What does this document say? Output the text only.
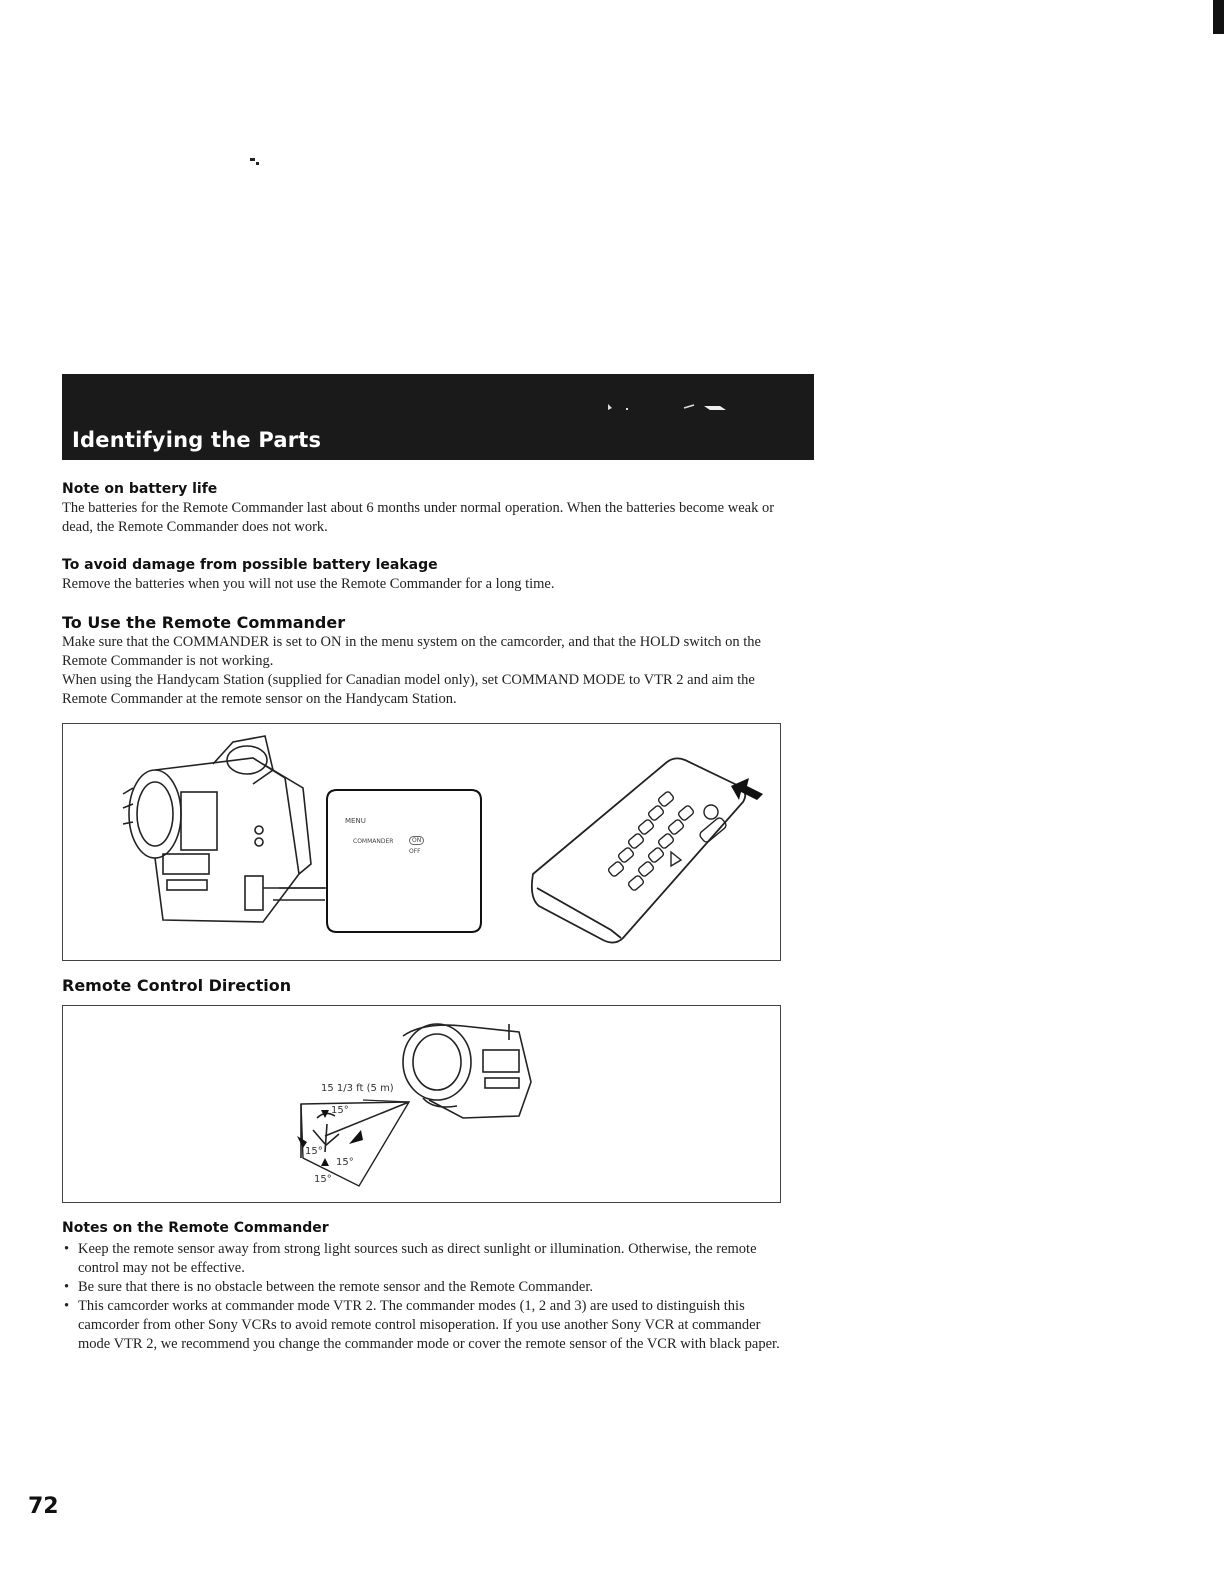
Identifying the Parts
Note on battery life
The batteries for the Remote Commander last about 6 months under normal operation. When the batteries become weak or dead, the Remote Commander does not work.
To avoid damage from possible battery leakage
Remove the batteries when you will not use the Remote Commander for a long time.
To Use the Remote Commander

Make sure that the COMMANDER is set to ON in the menu system on the camcorder, and that the HOLD switch on the Remote Commander is not working.

When using the Handycam Station (supplied for Canadian model only), set COMMAND MODE to VTR 2 and aim the Remote Commander at the remote sensor on the Handycam Station.

MENU
COMMANDER	ON
OFF
Remote Control Direction
15 1/3 ft (5 m)
15°
15°
15°
15°
Notes on the Remote Commander
• Keep the remote sensor away from strong light sources such as direct sunlight or illumination. Otherwise, the remote control may not be effective.
• Be sure that there is no obstacle between the remote sensor and the Remote Commander.
• This camcorder works at commander mode VTR 2. The commander modes (1, 2 and 3) are used to distinguish this camcorder from other Sony VCRs to avoid remote control misoperation. If you use another Sony VCR at commander mode VTR 2, we recommend you change the commander mode or cover the remote sensor of the VCR with black paper.
72
